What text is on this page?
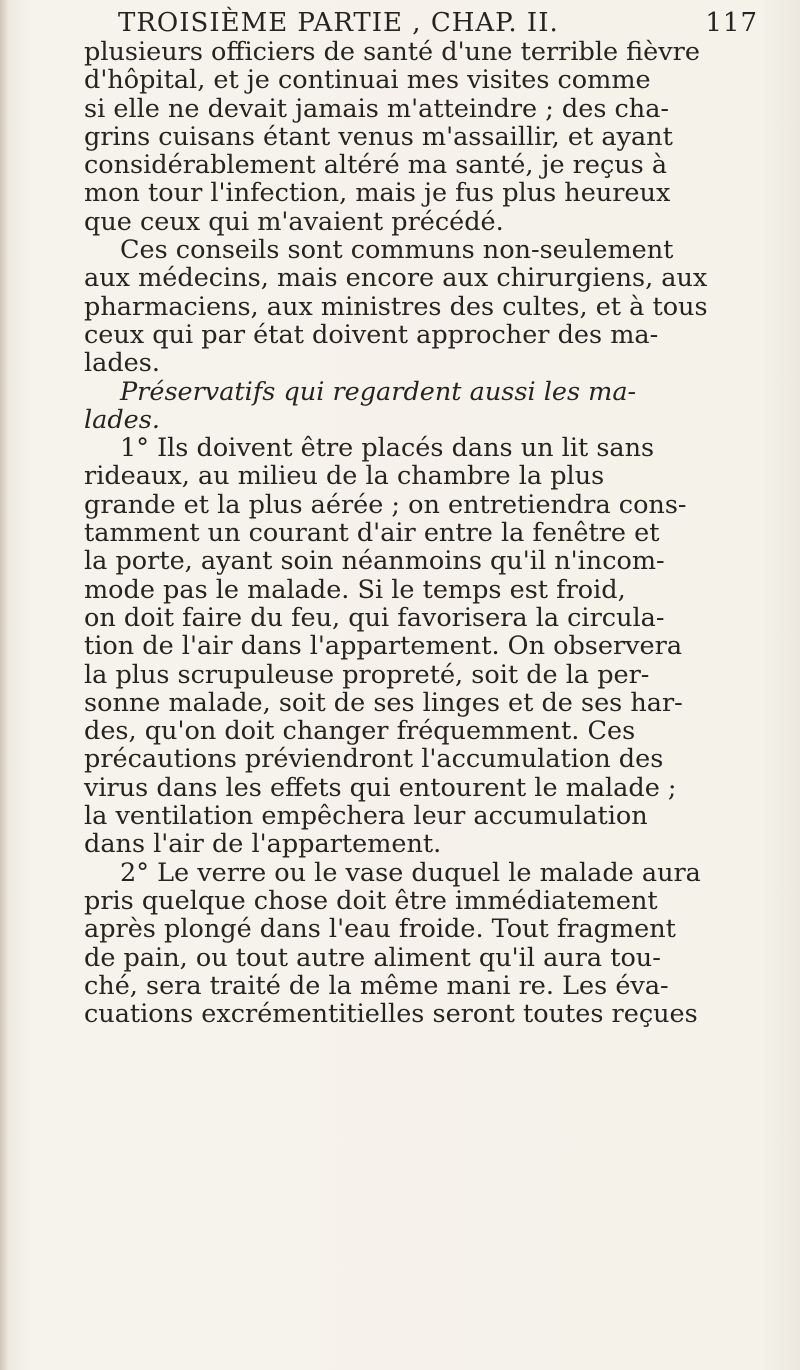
TROISIÈME PARTIE , CHAP. II.	117
plusieurs officiers de santé d'une terrible fièvre
d'hôpital, et je continuai mes visites comme
si elle ne devait jamais m'atteindre ; des cha-
grins cuisans étant venus m'assaillir, et ayant
considérablement altéré ma santé, je reçus à
mon tour l'infection, mais je fus plus heureux
que ceux qui m'avaient précédé.
Ces conseils sont communs non-seulement
aux médecins, mais encore aux chirurgiens, aux
pharmaciens, aux ministres des cultes, et à tous
ceux qui par état doivent approcher des ma-
lades.
Préservatifs qui regardent aussi les ma-
lades.
1° Ils doivent être placés dans un lit sans
rideaux, au milieu de la chambre la plus
grande et la plus aérée ; on entretiendra cons-
tamment un courant d'air entre la fenêtre et
la porte, ayant soin néanmoins qu'il n'incom-
mode pas le malade. Si le temps est froid,
on doit faire du feu, qui favorisera la circula-
tion de l'air dans l'appartement. On observera
la plus scrupuleuse propreté, soit de la per-
sonne malade, soit de ses linges et de ses har-
des, qu'on doit changer fréquemment. Ces
précautions préviendront l'accumulation des
virus dans les effets qui entourent le malade ;
la ventilation empêchera leur accumulation
dans l'air de l'appartement.
2° Le verre ou le vase duquel le malade aura
pris quelque chose doit être immédiatement
après plongé dans l'eau froide. Tout fragment
de pain, ou tout autre aliment qu'il aura tou-
ché, sera traité de la même mani re. Les éva-
cuations excrémentitielles seront toutes reçues
